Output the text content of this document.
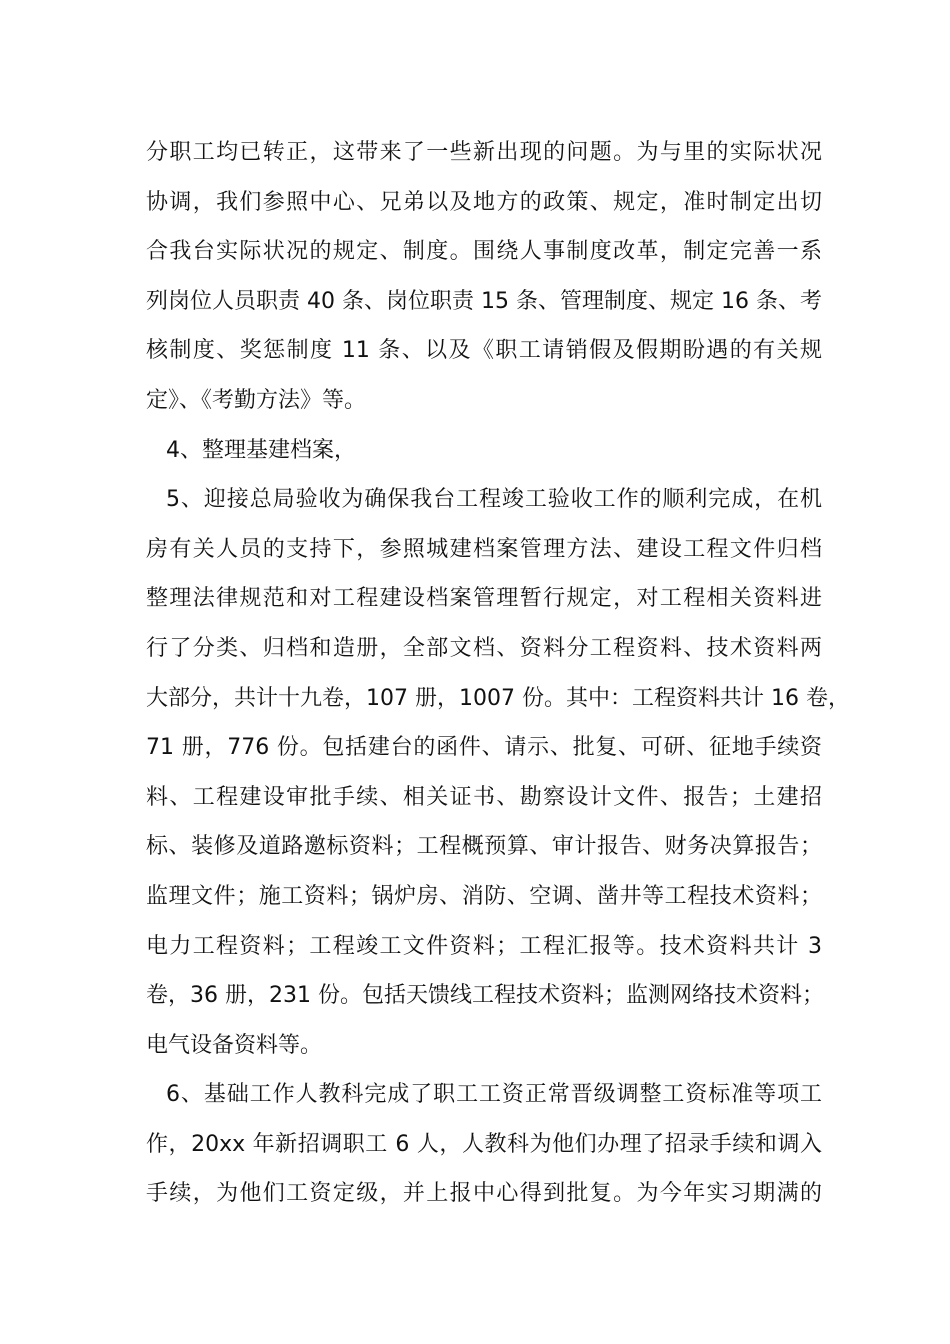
分职工均已转正，这带来了一些新出现的问题。为与里的实际状况
协调，我们参照中心、兄弟以及地方的政策、规定，准时制定出切
合我台实际状况的规定、制度。围绕人事制度改革，制定完善一系
列岗位人员职责 40 条、岗位职责 15 条、管理制度、规定 16 条、考
核制度、奖惩制度 11 条、以及《职工请销假及假期盼遇的有关规
定》、《考勤方法》等。
4、整理基建档案，
5、迎接总局验收为确保我台工程竣工验收工作的顺利完成，在机
房有关人员的支持下，参照城建档案管理方法、建设工程文件归档
整理法律规范和对工程建设档案管理暂行规定，对工程相关资料进
行了分类、归档和造册，全部文档、资料分工程资料、技术资料两
大部分，共计十九卷，107 册，1007 份。其中：工程资料共计 16 卷，
71 册，776 份。包括建台的函件、请示、批复、可研、征地手续资
料、工程建设审批手续、相关证书、勘察设计文件、报告；土建招
标、装修及道路邀标资料；工程概预算、审计报告、财务决算报告；
监理文件；施工资料；锅炉房、消防、空调、凿井等工程技术资料；
电力工程资料；工程竣工文件资料；工程汇报等。技术资料共计 3
卷，36 册，231 份。包括天馈线工程技术资料；监测网络技术资料；
电气设备资料等。
6、基础工作人教科完成了职工工资正常晋级调整工资标准等项工
作，20xx 年新招调职工 6 人，人教科为他们办理了招录手续和调入
手续，为他们工资定级，并上报中心得到批复。为今年实习期满的
